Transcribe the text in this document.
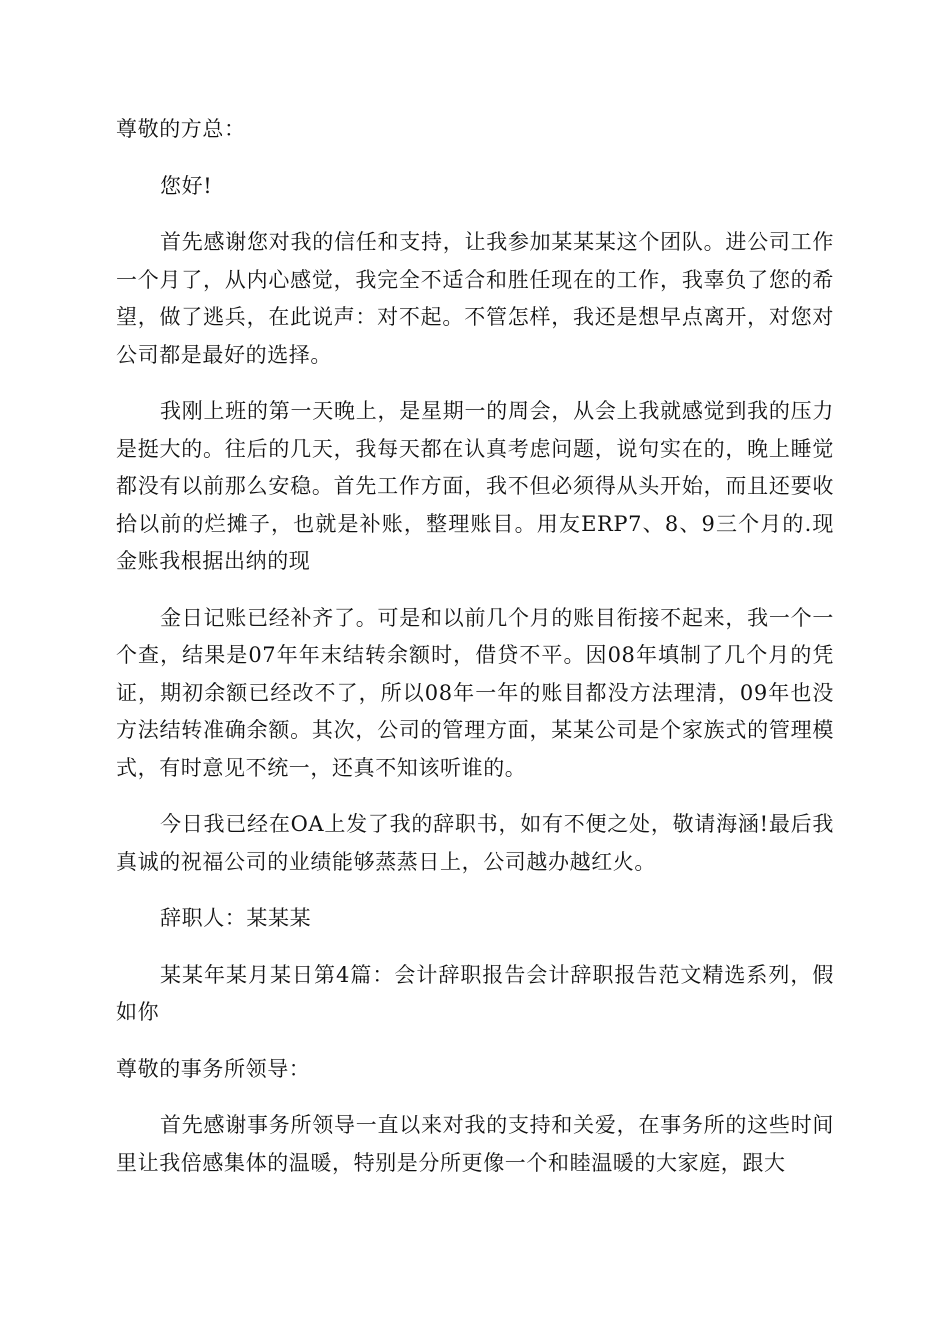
尊敬的方总：

您好!

首先感谢您对我的信任和支持，让我参加某某某这个团队。进公司工作一个月了，从内心感觉，我完全不适合和胜任现在的工作，我辜负了您的希望，做了逃兵，在此说声：对不起。不管怎样，我还是想早点离开，对您对公司都是最好的选择。

我刚上班的第一天晚上，是星期一的周会，从会上我就感觉到我的压力是挺大的。往后的几天，我每天都在认真考虑问题，说句实在的，晚上睡觉都没有以前那么安稳。首先工作方面，我不但必须得从头开始，而且还要收拾以前的烂摊子，也就是补账，整理账目。用友ERP7、8、9三个月的.现金账我根据出纳的现

金日记账已经补齐了。可是和以前几个月的账目衔接不起来，我一个一个查，结果是07年年末结转余额时，借贷不平。因08年填制了几个月的凭证，期初余额已经改不了，所以08年一年的账目都没方法理清，09年也没方法结转准确余额。其次，公司的管理方面，某某公司是个家族式的管理模式，有时意见不统一，还真不知该听谁的。

今日我已经在OA上发了我的辞职书，如有不便之处，敬请海涵!最后我真诚的祝福公司的业绩能够蒸蒸日上，公司越办越红火。

辞职人：某某某

某某年某月某日第4篇：会计辞职报告会计辞职报告范文精选系列，假如你

尊敬的事务所领导：

首先感谢事务所领导一直以来对我的支持和关爱，在事务所的这些时间里让我倍感集体的温暖，特别是分所更像一个和睦温暖的大家庭，跟大
